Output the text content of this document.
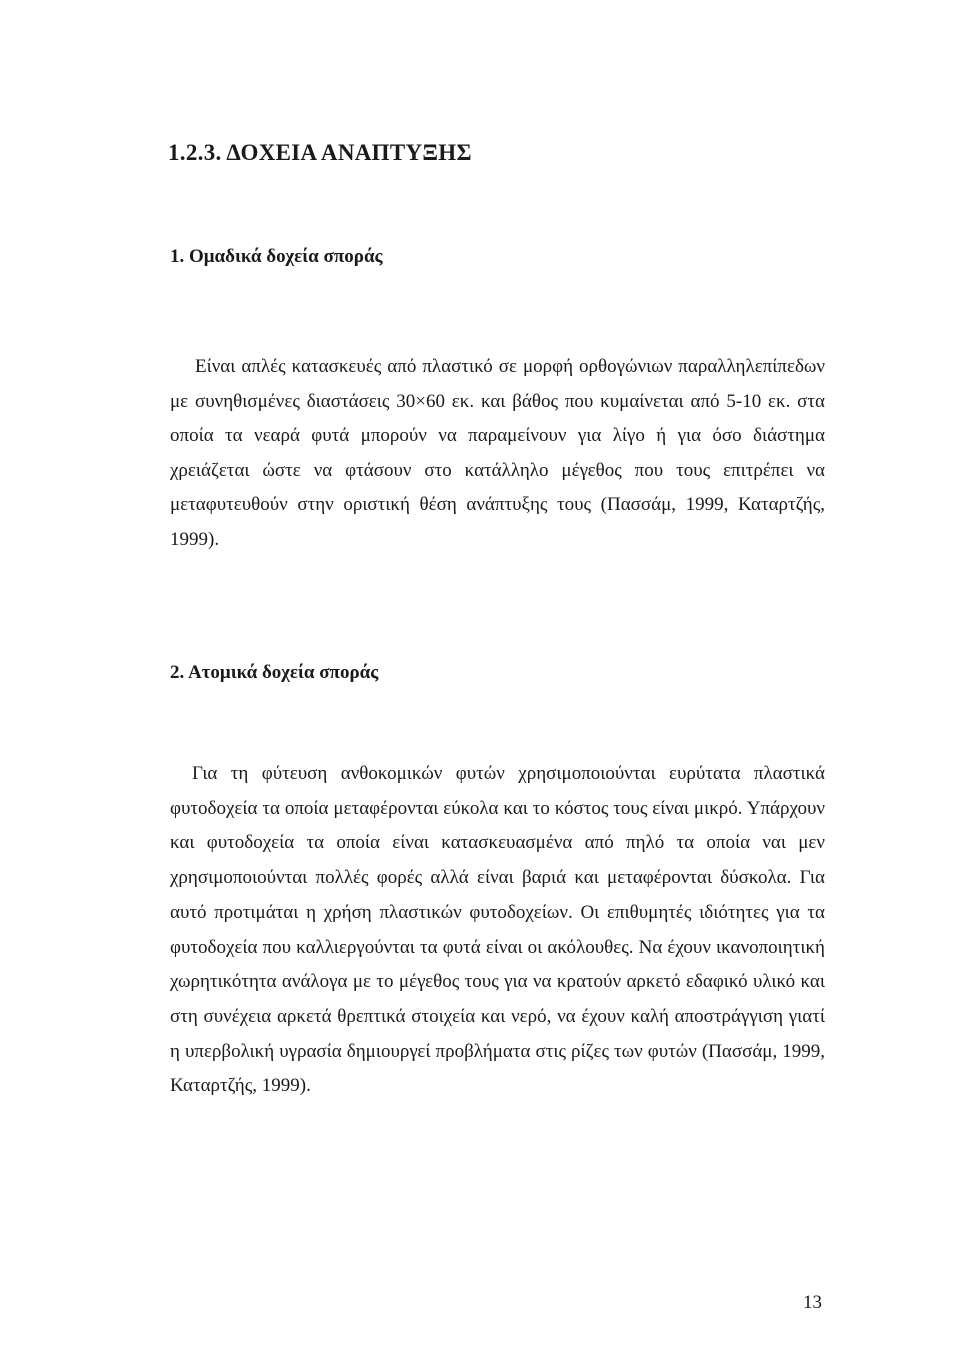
1.2.3. ΔΟΧΕΙΑ ΑΝΑΠΤΥΞΗΣ
1. Ομαδικά δοχεία σποράς

Είναι απλές κατασκευές από πλαστικό σε μορφή ορθογώνιων παραλληλεπίπεδων με συνηθισμένες διαστάσεις 30×60 εκ. και βάθος που κυμαίνεται από 5-10 εκ. στα οποία τα νεαρά φυτά μπορούν να παραμείνουν για λίγο ή για όσο διάστημα χρειάζεται ώστε να φτάσουν στο κατάλληλο μέγεθος που τους επιτρέπει να μεταφυτευθούν στην οριστική θέση ανάπτυξης τους (Πασσάμ, 1999, Καταρτζής, 1999).

2. Ατομικά δοχεία σποράς

Για τη φύτευση ανθοκομικών φυτών χρησιμοποιούνται ευρύτατα πλαστικά φυτοδοχεία τα οποία μεταφέρονται εύκολα και το κόστος τους είναι μικρό. Υπάρχουν και φυτοδοχεία τα οποία είναι κατασκευασμένα από πηλό τα οποία ναι μεν χρησιμοποιούνται πολλές φορές αλλά είναι βαριά και μεταφέρονται δύσκολα. Για αυτό προτιμάται η χρήση πλαστικών φυτοδοχείων. Οι επιθυμητές ιδιότητες για τα φυτοδοχεία που καλλιεργούνται τα φυτά είναι οι ακόλουθες. Να έχουν ικανοποιητική χωρητικότητα ανάλογα με το μέγεθος τους για να κρατούν αρκετό εδαφικό υλικό και στη συνέχεια αρκετά θρεπτικά στοιχεία και νερό, να έχουν καλή αποστράγγιση γιατί η υπερβολική υγρασία δημιουργεί προβλήματα στις ρίζες των φυτών (Πασσάμ, 1999, Καταρτζής, 1999).

13
